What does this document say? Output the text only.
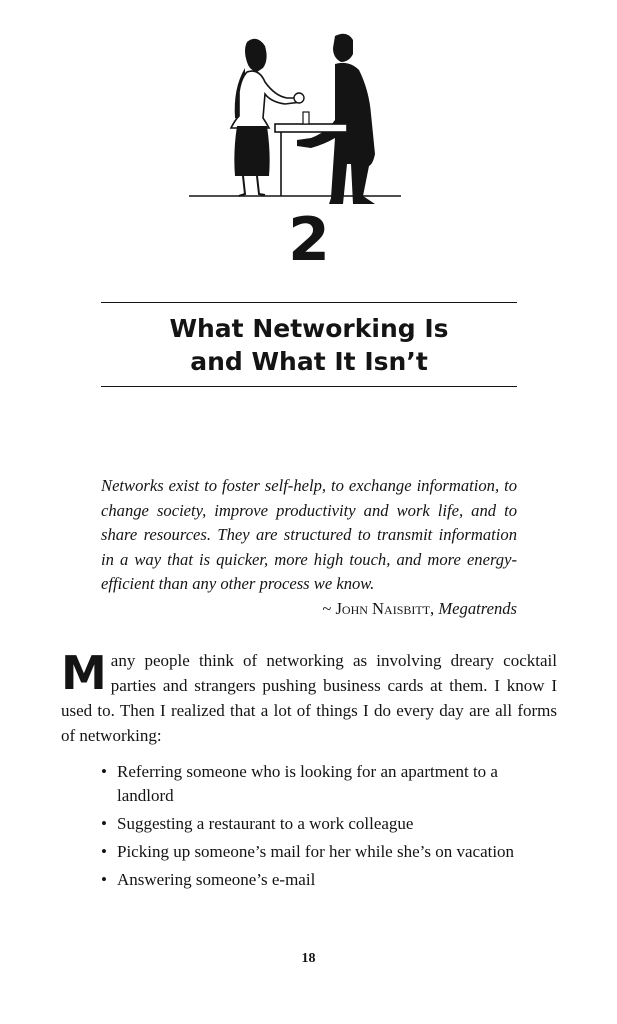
2
What Networking Is
and What It Isn’t

Networks exist to foster self-help, to exchange information, to change society, improve productivity and work life, and to share resources. They are structured to transmit information in a way that is quicker, more high touch, and more energy-efficient than any other process we know.

~ John Naisbitt, Megatrends

Many people think of networking as involving dreary cocktail parties and strangers pushing business cards at them. I know I used to. Then I realized that a lot of things I do every day are all forms of networking:

• Referring someone who is looking for an apartment to a landlord
• Suggesting a restaurant to a work colleague
• Picking up someone’s mail for her while she’s on vacation
• Answering someone’s e-mail
18
